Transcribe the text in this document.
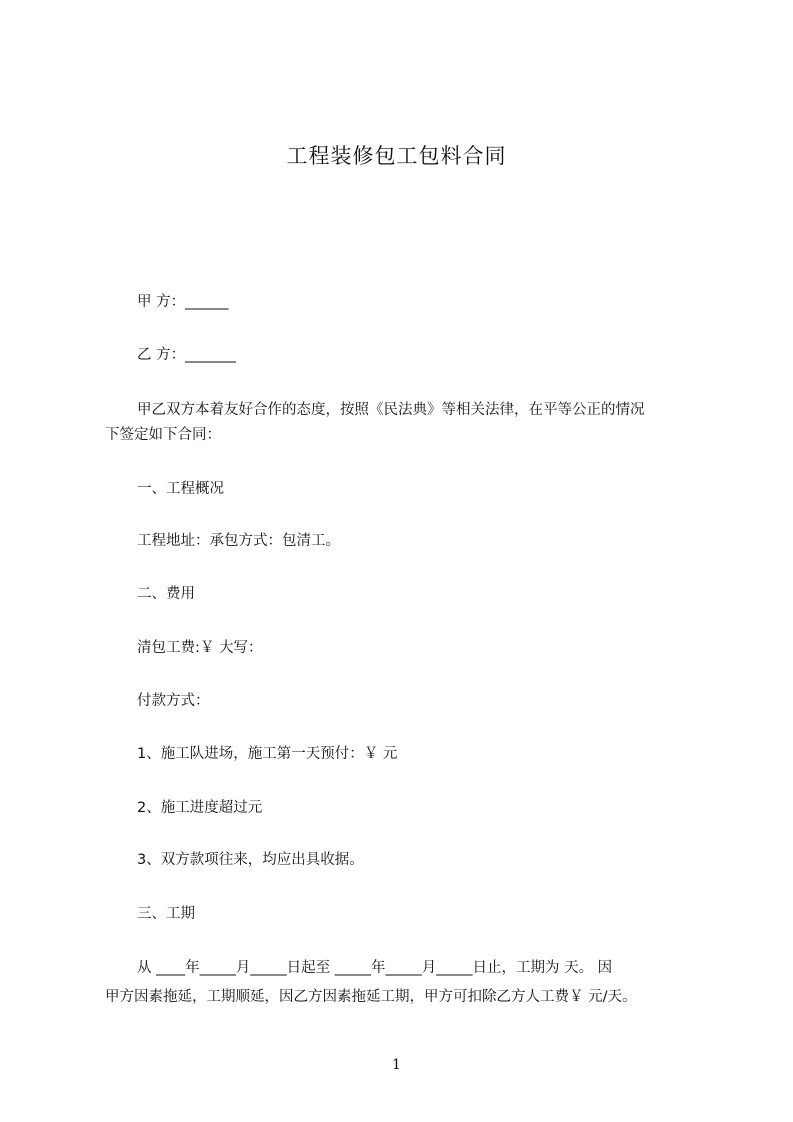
工程装修包工包料合同
甲 方：______
乙 方：_______
甲乙双方本着友好合作的态度，按照《民法典》等相关法律，在平等公正的情况
下签定如下合同：
一、工程概况
工程地址：承包方式：包清工。
二、费用
清包工费:￥ 大写：
付款方式：
1、施工队进场，施工第一天预付：￥ 元
2、施工进度超过元
3、双方款项往来，均应出具收据。
三、工期
从 ____年_____月_____日起至 _____年_____月_____日止，工期为 天。 因
甲方因素拖延，工期顺延，因乙方因素拖延工期，甲方可扣除乙方人工费￥ 元/天。
1
